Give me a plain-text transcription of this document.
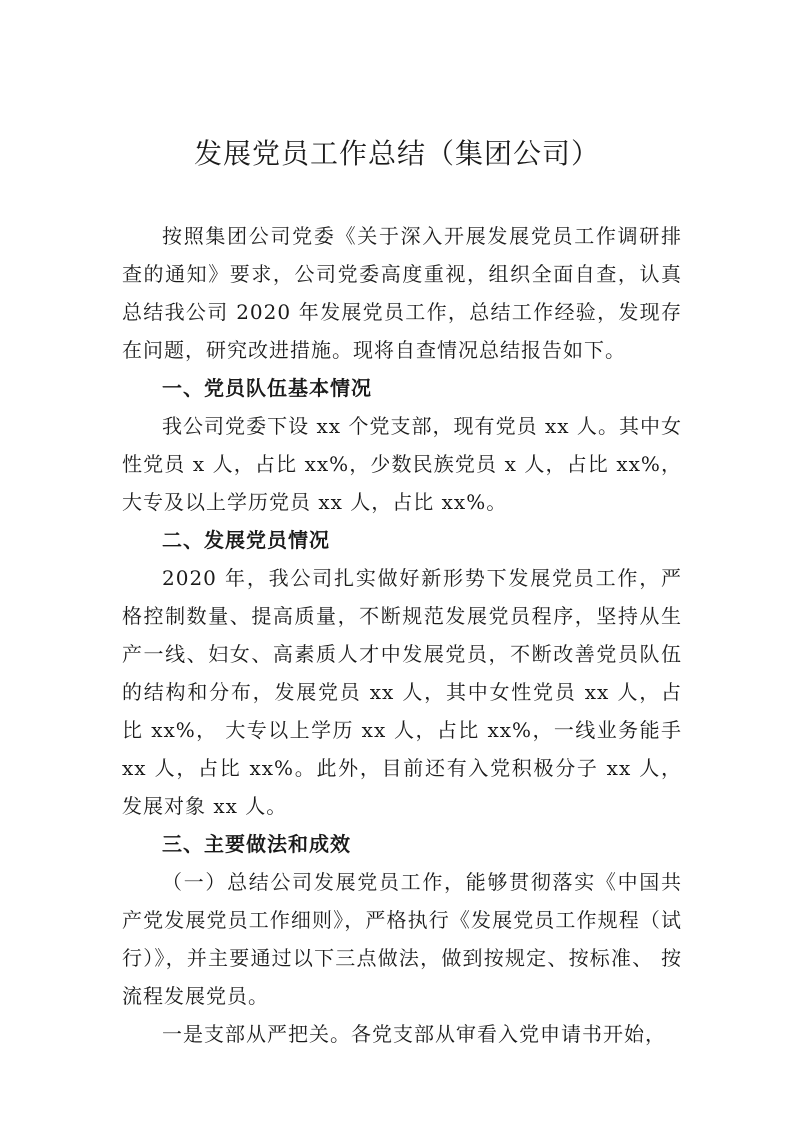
发展党员工作总结（集团公司）

按照集团公司党委《关于深入开展发展党员工作调研排查的通知》要求，公司党委高度重视，组织全面自查，认真总结我公司 2020 年发展党员工作，总结工作经验，发现存在问题，研究改进措施。现将自查情况总结报告如下。

一、党员队伍基本情况

我公司党委下设 xx 个党支部，现有党员 xx 人。其中女性党员 x 人，占比 xx%，少数民族党员 x 人，占比 xx%，大专及以上学历党员 xx 人，占比 xx%。

二、发展党员情况

2020 年，我公司扎实做好新形势下发展党员工作，严格控制数量、提高质量，不断规范发展党员程序，坚持从生产一线、妇女、高素质人才中发展党员，不断改善党员队伍的结构和分布，发展党员 xx 人，其中女性党员 xx 人，占比 xx%， 大专以上学历 xx 人，占比 xx%，一线业务能手 xx 人，占比 xx%。此外，目前还有入党积极分子 xx 人，发展对象 xx 人。

三、主要做法和成效

（一）总结公司发展党员工作，能够贯彻落实《中国共产党发展党员工作细则》，严格执行《发展党员工作规程（试行）》，并主要通过以下三点做法，做到按规定、按标准、 按流程发展党员。

一是支部从严把关。各党支部从审看入党申请书开始，
